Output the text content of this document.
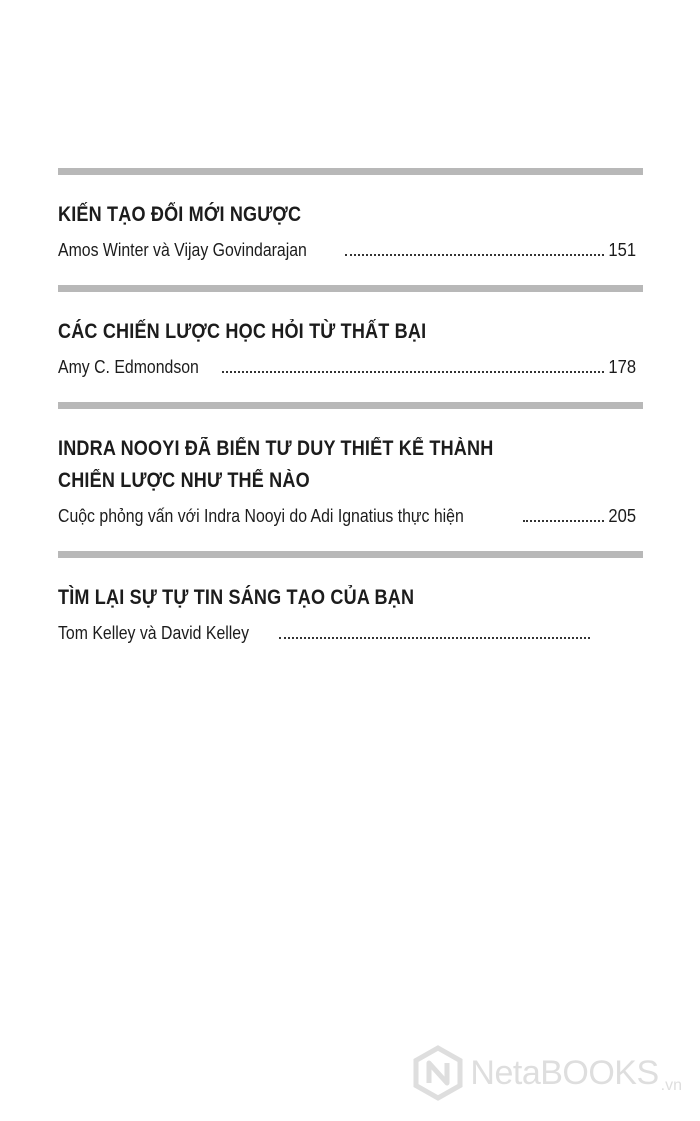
KIẾN TẠO ĐỔI MỚI NGƯỢC
Amos Winter và Vijay Govindarajan	151
CÁC CHIẾN LƯỢC HỌC HỎI TỪ THẤT BẠI
Amy C. Edmondson	178
INDRA NOOYI ĐÃ BIẾN TƯ DUY THIẾT KẾ THÀNH
CHIẾN LƯỢC NHƯ THẾ NÀO
Cuộc phỏng vấn với Indra Nooyi do Adi Ignatius thực hiện	205
TÌM LẠI SỰ TỰ TIN SÁNG TẠO CỦA BẠN
Tom Kelley và David Kelley
NetaBOOKS .vn
